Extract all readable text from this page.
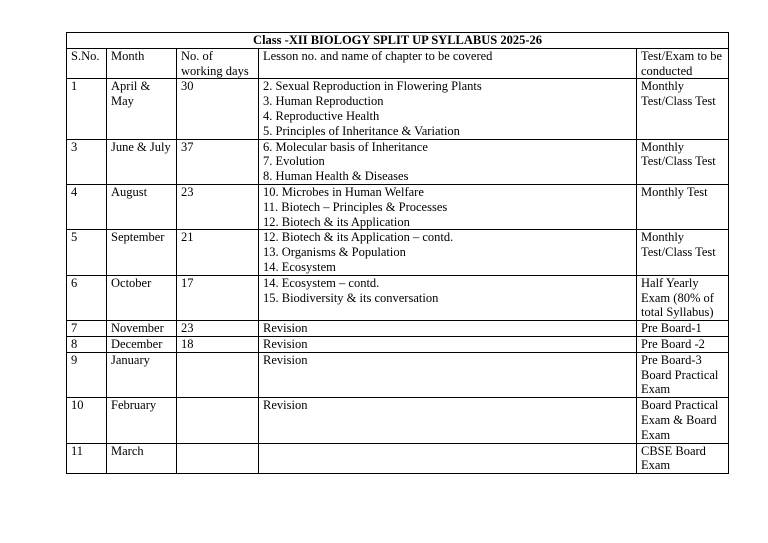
Class -XII BIOLOGY SPLIT UP SYLLABUS 2025-26				
S.No.	Month	No. of working days	Lesson no. and name of chapter to be covered	Test/Exam to be conducted
1	April & May	30	2. Sexual Reproduction in Flowering Plants
3. Human Reproduction
4. Reproductive Health
5. Principles of Inheritance & Variation	Monthly Test/Class Test
3	June & July	37	6. Molecular basis of Inheritance
7. Evolution
8. Human Health & Diseases	Monthly Test/Class Test
4	August	23	10. Microbes in Human Welfare
11. Biotech – Principles & Processes
12. Biotech & its Application	Monthly Test
5	September	21	12. Biotech & its Application – contd.
13. Organisms & Population
14. Ecosystem	Monthly Test/Class Test
6	October	17	14. Ecosystem – contd.
15. Biodiversity & its conversation	Half Yearly Exam (80% of total Syllabus)
7	November	23	Revision	Pre Board-1
8	December	18	Revision	Pre Board -2
9	January		Revision	Pre Board-3 Board Practical Exam
10	February		Revision	Board Practical Exam & Board Exam
11	March			CBSE Board Exam
